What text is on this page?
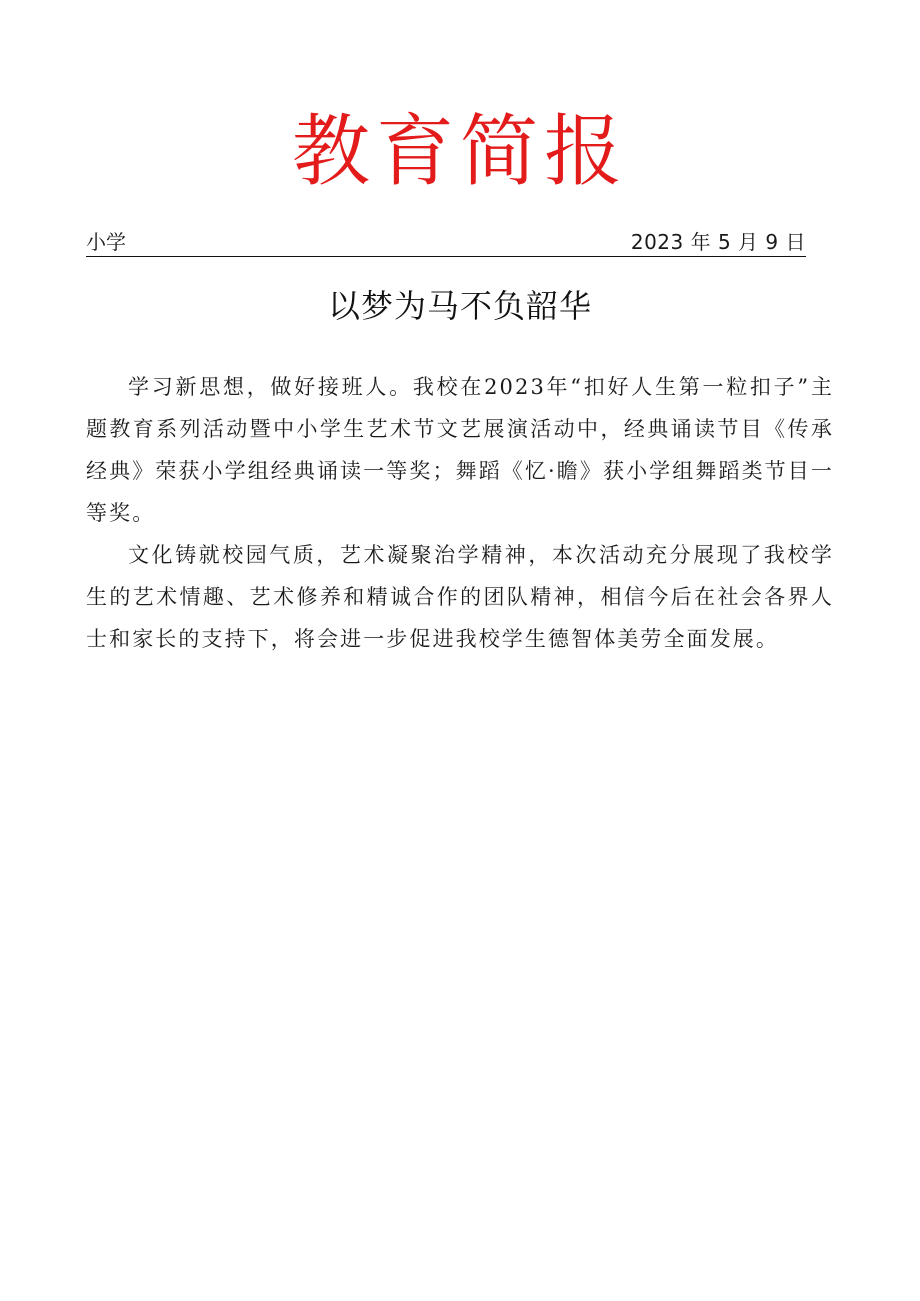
教育简报
小学	2023 年 5 月 9 日
以梦为马不负韶华

学习新思想，做好接班人。我校在2023年“扣好人生第一粒扣子”主题教育系列活动暨中小学生艺术节文艺展演活动中，经典诵读节目《传承经典》荣获小学组经典诵读一等奖；舞蹈《忆·瞻》获小学组舞蹈类节目一等奖。

文化铸就校园气质，艺术凝聚治学精神，本次活动充分展现了我校学生的艺术情趣、艺术修养和精诚合作的团队精神，相信今后在社会各界人士和家长的支持下，将会进一步促进我校学生德智体美劳全面发展。
